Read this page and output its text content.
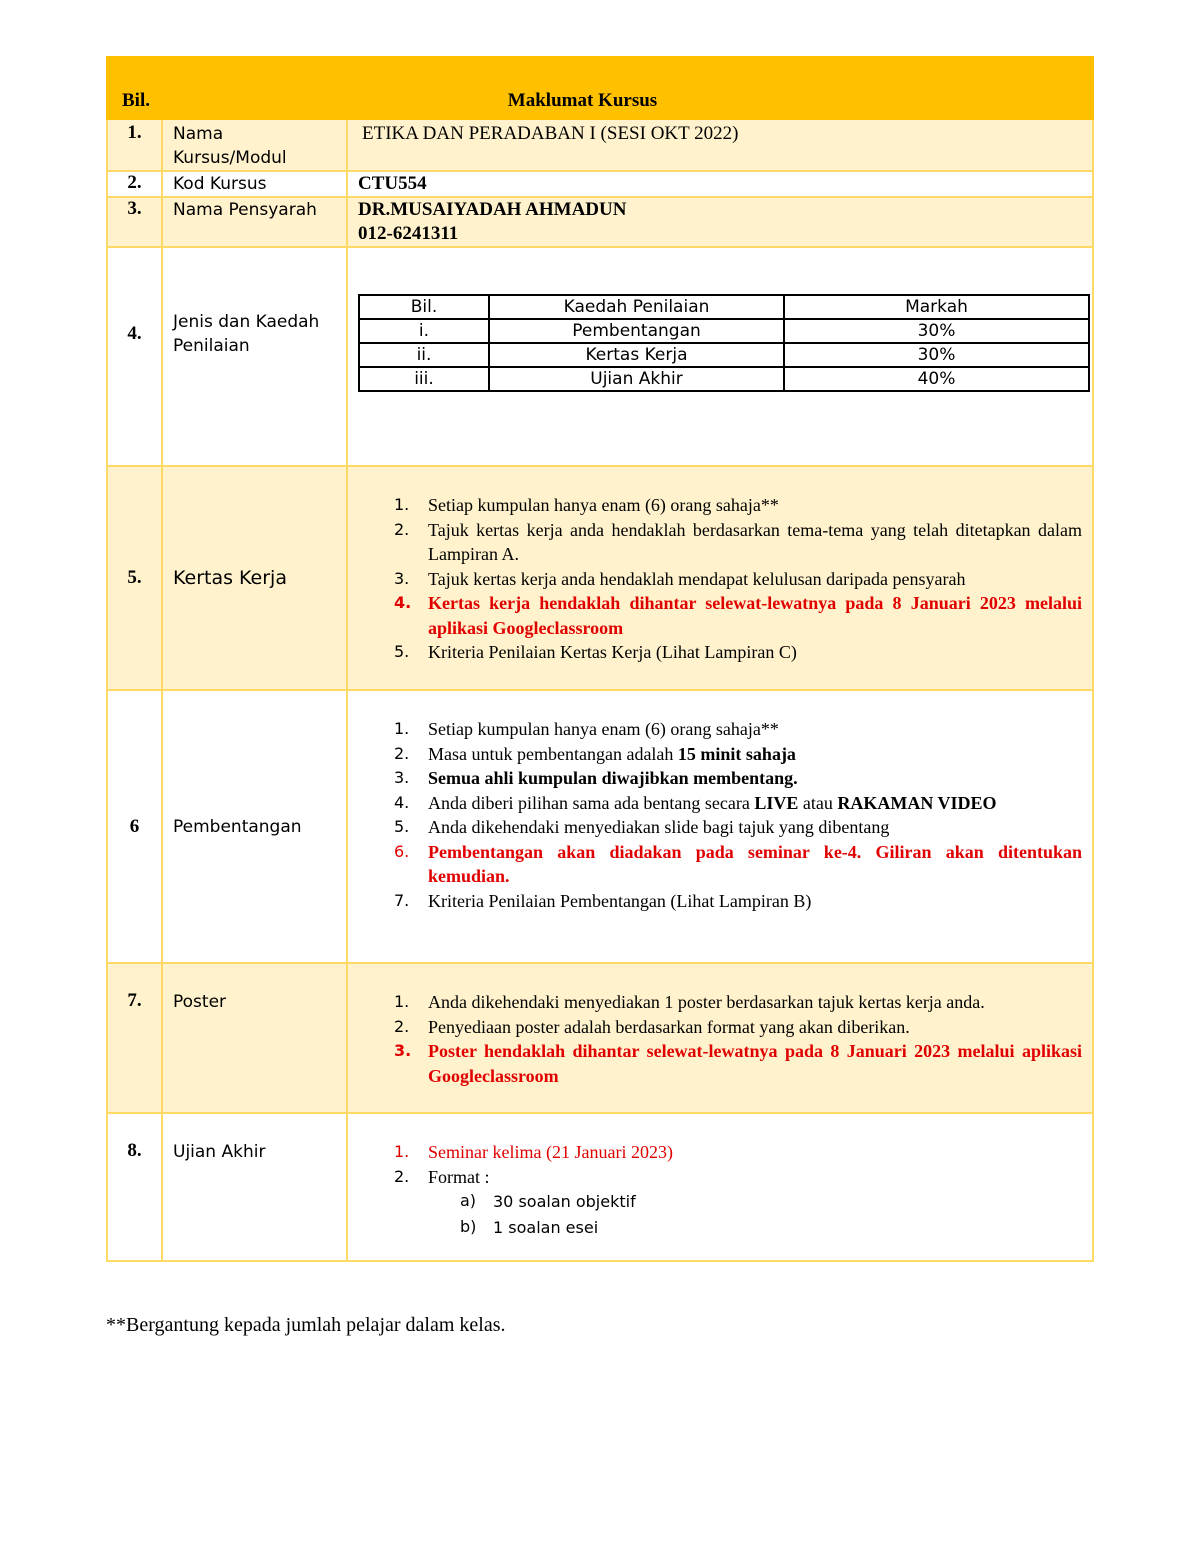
Bil.	Maklumat Kursus
1.	Nama Kursus/Modul	ETIKA DAN PERADABAN I (SESI OKT 2022)
2.	Kod Kursus	CTU554
3.	Nama Pensyarah	DR.MUSAIYADAH AHMADUN
012-6241311

4.	Jenis dan Kaedah Penilaian	
Bil.	Kaedah Penilaian	Markah
i.	Pembentangan	30%
ii.	Kertas Kerja	30%
iii.	Ujian Akhir	40%

5.	Kertas Kerja	
1. Setiap kumpulan hanya enam (6) orang sahaja**
2. Tajuk kertas kerja anda hendaklah berdasarkan tema-tema yang telah ditetapkan dalam Lampiran A.
3. Tajuk kertas kerja anda hendaklah mendapat kelulusan daripada pensyarah
4. Kertas kerja hendaklah dihantar selewat-lewatnya pada 8 Januari 2023 melalui aplikasi Googleclassroom
5. Kriteria Penilaian Kertas Kerja (Lihat Lampiran C)

6	Pembentangan	
1. Setiap kumpulan hanya enam (6) orang sahaja**
2. Masa untuk pembentangan adalah 15 minit sahaja
3. Semua ahli kumpulan diwajibkan membentang.
4. Anda diberi pilihan sama ada bentang secara LIVE atau RAKAMAN VIDEO
5. Anda dikehendaki menyediakan slide bagi tajuk yang dibentang
6. Pembentangan akan diadakan pada seminar ke-4. Giliran akan ditentukan kemudian.
7. Kriteria Penilaian Pembentangan (Lihat Lampiran B)

7.	Poster	1. Anda dikehendaki menyediakan 1 poster berdasarkan tajuk kertas kerja anda.
2. Penyediaan poster adalah berdasarkan format yang akan diberikan.
3. Poster hendaklah dihantar selewat-lewatnya pada 8 Januari 2023 melalui aplikasi Googleclassroom

8.	Ujian Akhir	1. Seminar kelima (21 Januari 2023)
2. Format :
a) 30 soalan objektif
b) 1 soalan esei
**Bergantung kepada jumlah pelajar dalam kelas.
